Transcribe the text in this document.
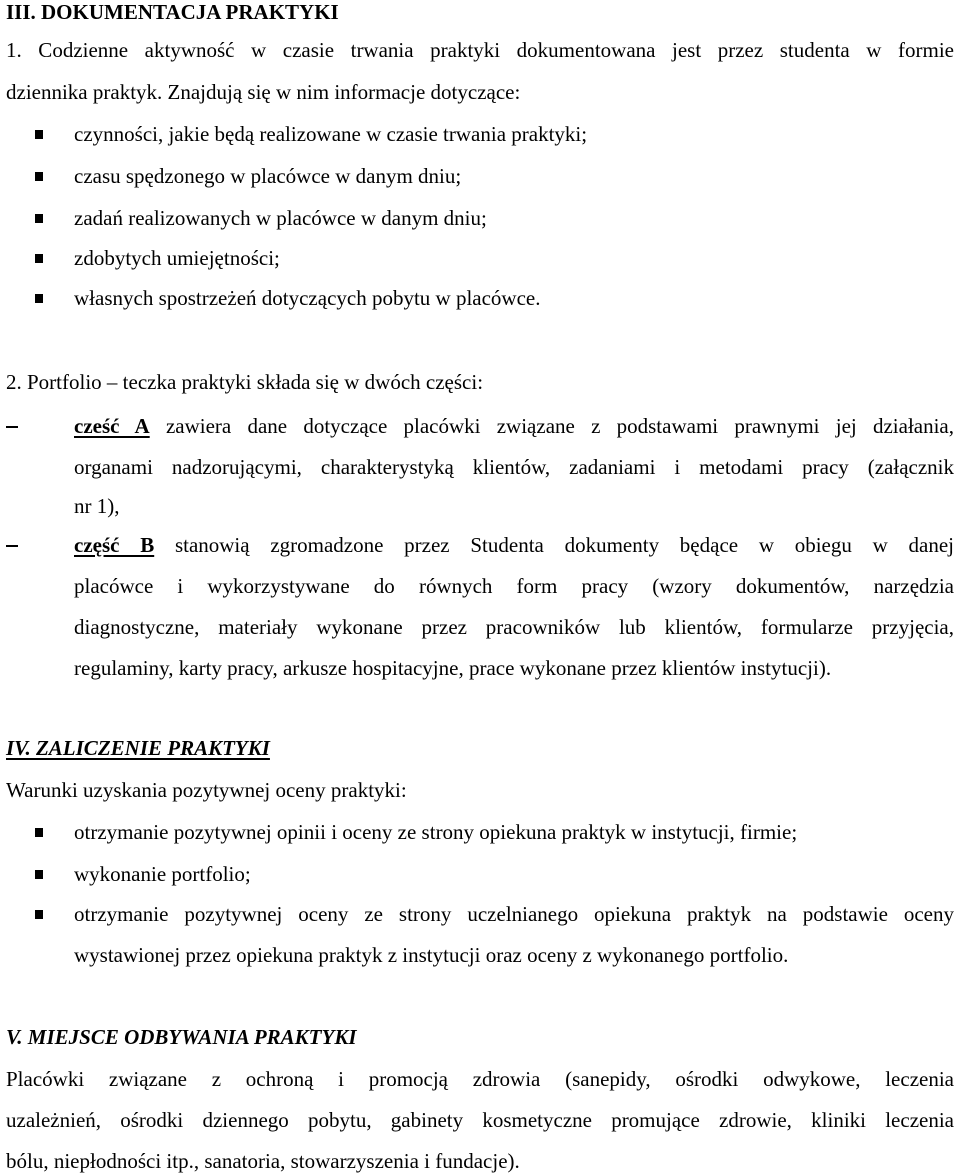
III. DOKUMENTACJA PRAKTYKI
1. Codzienne aktywność w czasie trwania praktyki dokumentowana jest przez studenta w formie
dziennika praktyk. Znajdują się w nim informacje dotyczące:
czynności, jakie będą realizowane w czasie trwania praktyki;
czasu spędzonego w placówce w danym dniu;
zadań realizowanych w placówce w danym dniu;
zdobytych umiejętności;
własnych spostrzeżeń dotyczących pobytu w placówce.
2. Portfolio – teczka praktyki składa się w dwóch części:
cześć A zawiera dane dotyczące placówki związane z podstawami prawnymi jej działania,
organami nadzorującymi, charakterystyką klientów, zadaniami i metodami pracy (załącznik
nr 1),
część B stanowią zgromadzone przez Studenta dokumenty będące w obiegu w danej
placówce i wykorzystywane do równych form pracy (wzory dokumentów, narzędzia
diagnostyczne, materiały wykonane przez pracowników lub klientów, formularze przyjęcia,
regulaminy, karty pracy, arkusze hospitacyjne, prace wykonane przez klientów instytucji).
IV. ZALICZENIE PRAKTYKI
Warunki uzyskania pozytywnej oceny praktyki:
otrzymanie pozytywnej opinii i oceny ze strony opiekuna praktyk w instytucji, firmie;
wykonanie portfolio;
otrzymanie pozytywnej oceny ze strony uczelnianego opiekuna praktyk na podstawie oceny
wystawionej przez opiekuna praktyk z instytucji oraz oceny z wykonanego portfolio.
V. MIEJSCE ODBYWANIA PRAKTYKI
Placówki związane z ochroną i promocją zdrowia (sanepidy, ośrodki odwykowe, leczenia
uzależnień, ośrodki dziennego pobytu, gabinety kosmetyczne promujące zdrowie, kliniki leczenia
bólu, niepłodności itp., sanatoria, stowarzyszenia i fundacje).
